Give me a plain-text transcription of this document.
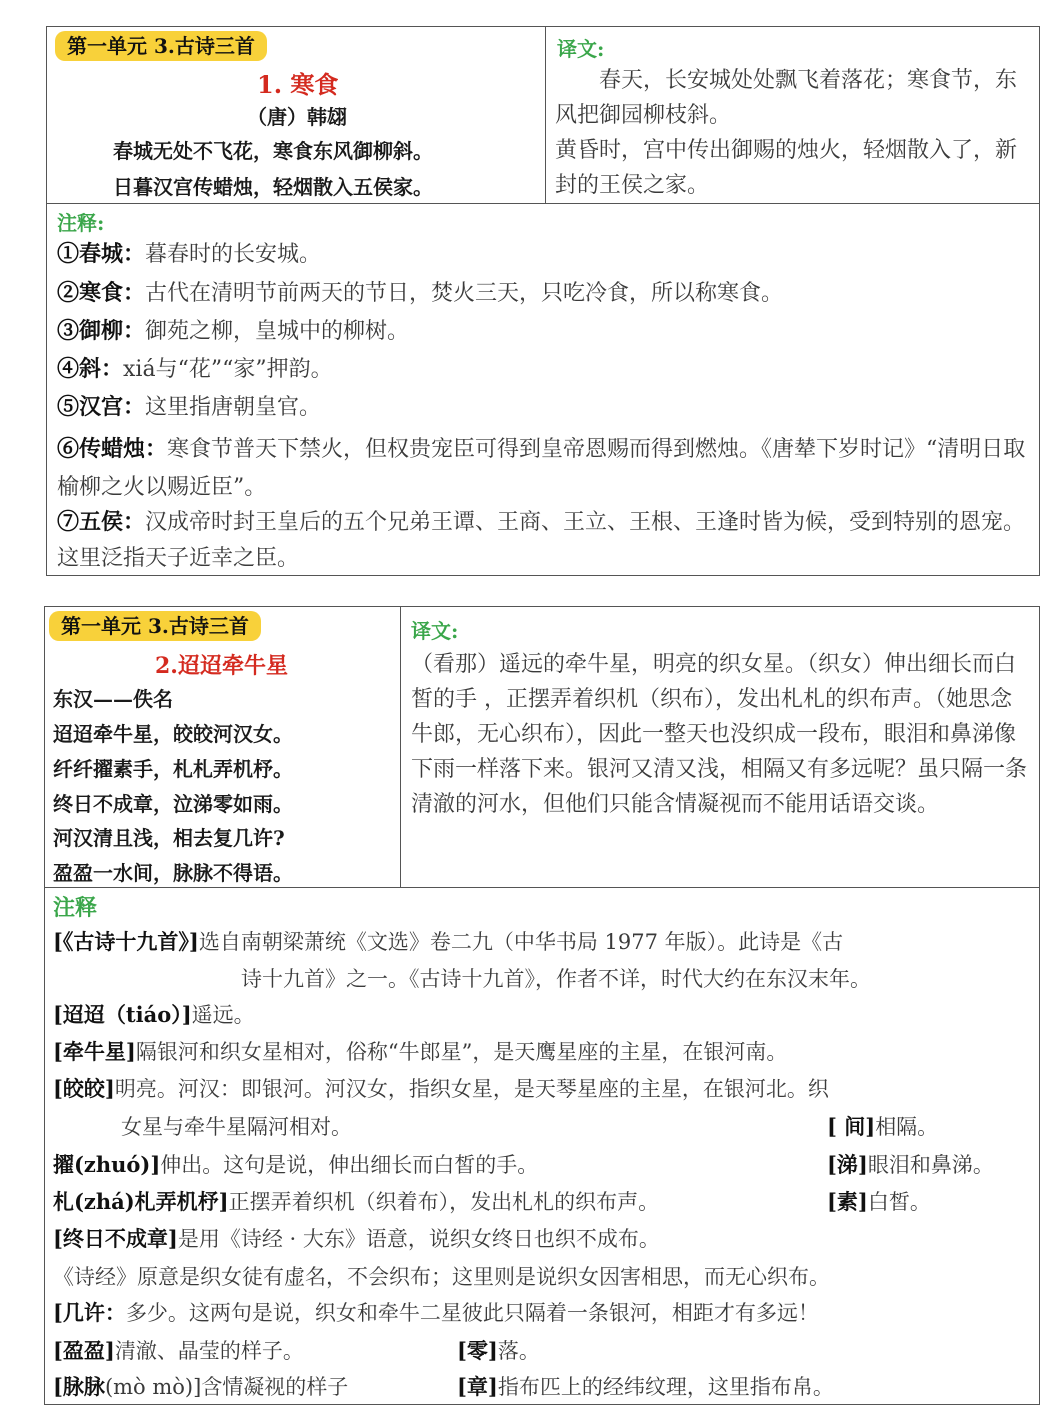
第一单元 3.古诗三首
1. 寒食
（唐）韩翃
春城无处不飞花，寒食东风御柳斜。
日暮汉宫传蜡烛，轻烟散入五侯家。
译文:
　　春天，长安城处处飘飞着落花；寒食节，东风把御园柳枝斜。
黄昏时，宫中传出御赐的烛火，轻烟散入了，新封的王侯之家。
注释:
①春城：暮春时的长安城。
②寒食：古代在清明节前两天的节日，焚火三天，只吃冷食，所以称寒食。
③御柳：御苑之柳，皇城中的柳树。
④斜：xiá与“花”“家”押韵。
⑤汉宫：这里指唐朝皇官。
⑥传蜡烛：寒食节普天下禁火，但权贵宠臣可得到皇帝恩赐而得到燃烛。《唐辇下岁时记》“清明日取榆柳之火以赐近臣”。
⑦五侯：汉成帝时封王皇后的五个兄弟王谭、王商、王立、王根、王逢时皆为候，受到特别的恩宠。这里泛指天子近幸之臣。
第一单元 3.古诗三首
2.迢迢牵牛星
东汉——佚名
迢迢牵牛星，皎皎河汉女。
纤纤擢素手，札札弄机杼。
终日不成章，泣涕零如雨。
河汉清且浅，相去复几许?
盈盈一水间，脉脉不得语。
译文:
（看那）遥远的牵牛星，明亮的织女星。（织女）伸出细长而白皙的手 ，正摆弄着织机（织布），发出札札的织布声。（她思念牛郎，无心织布），因此一整天也没织成一段布，眼泪和鼻涕像下雨一样落下来。银河又清又浅，相隔又有多远呢？虽只隔一条清澈的河水，但他们只能含情凝视而不能用话语交谈。
注释
[《古诗十九首》]选自南朝梁萧统《文选》卷二九（中华书局 1977 年版）。此诗是《古
诗十九首》之一。《古诗十九首》，作者不详，时代大约在东汉末年。
[迢迢（tiáo）]遥远。
[牵牛星]隔银河和织女星相对，俗称“牛郎星”，是天鹰星座的主星，在银河南。
[皎皎]明亮。河汉：即银河。河汉女，指织女星，是天琴星座的主星，在银河北。织
女星与牵牛星隔河相对。	[ 间]相隔。
擢(zhuó)]伸出。这句是说，伸出细长而白皙的手。	[涕]眼泪和鼻涕。
札(zhá)札弄机杼]正摆弄着织机（织着布），发出札札的织布声。	[素]白皙。
[终日不成章]是用《诗经 · 大东》语意，说织女终日也织不成布。
《诗经》原意是织女徒有虚名，不会织布；这里则是说织女因害相思，而无心织布。
[几许：多少。这两句是说，织女和牵牛二星彼此只隔着一条银河，相距才有多远！
[盈盈]清澈、晶莹的样子。	[零]落。
[脉脉(mò mò)]含情凝视的样子	[章]指布匹上的经纬纹理，这里指布帛。
